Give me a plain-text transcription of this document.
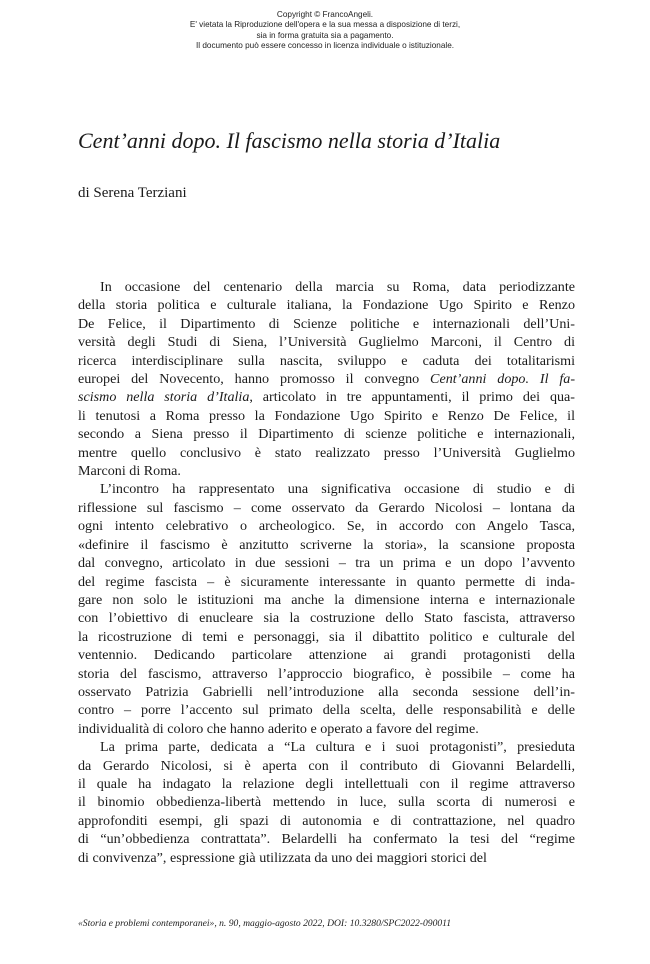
Copyright © FrancoAngeli.
E' vietata la Riproduzione dell'opera e la sua messa a disposizione di terzi,
sia in forma gratuita sia a pagamento.
Il documento può essere concesso in licenza individuale o istituzionale.
Cent’anni dopo. Il fascismo nella storia d’Italia
di Serena Terziani
In occasione del centenario della marcia su Roma, data periodizzante
della storia politica e culturale italiana, la Fondazione Ugo Spirito e Renzo
De Felice, il Dipartimento di Scienze politiche e internazionali dell’Uni-
versità degli Studi di Siena, l’Università Guglielmo Marconi, il Centro di
ricerca interdisciplinare sulla nascita, sviluppo e caduta dei totalitarismi
europei del Novecento, hanno promosso il convegno Cent’anni dopo. Il fa-
scismo nella storia d’Italia, articolato in tre appuntamenti, il primo dei qua-
li tenutosi a Roma presso la Fondazione Ugo Spirito e Renzo De Felice, il
secondo a Siena presso il Dipartimento di scienze politiche e internazionali,
mentre quello conclusivo è stato realizzato presso l’Università Guglielmo
Marconi di Roma.
L’incontro ha rappresentato una significativa occasione di studio e di
riflessione sul fascismo – come osservato da Gerardo Nicolosi – lontana da
ogni intento celebrativo o archeologico. Se, in accordo con Angelo Tasca,
«definire il fascismo è anzitutto scriverne la storia», la scansione proposta
dal convegno, articolato in due sessioni – tra un prima e un dopo l’avvento
del regime fascista – è sicuramente interessante in quanto permette di inda-
gare non solo le istituzioni ma anche la dimensione interna e internazionale
con l’obiettivo di enucleare sia la costruzione dello Stato fascista, attraverso
la ricostruzione di temi e personaggi, sia il dibattito politico e culturale del
ventennio. Dedicando particolare attenzione ai grandi protagonisti della
storia del fascismo, attraverso l’approccio biografico, è possibile – come ha
osservato Patrizia Gabrielli nell’introduzione alla seconda sessione dell’in-
contro – porre l’accento sul primato della scelta, delle responsabilità e delle
individualità di coloro che hanno aderito e operato a favore del regime.
La prima parte, dedicata a “La cultura e i suoi protagonisti”, presieduta
da Gerardo Nicolosi, si è aperta con il contributo di Giovanni Belardelli,
il quale ha indagato la relazione degli intellettuali con il regime attraverso
il binomio obbedienza-libertà mettendo in luce, sulla scorta di numerosi e
approfonditi esempi, gli spazi di autonomia e di contrattazione, nel quadro
di “un’obbedienza contrattata”. Belardelli ha confermato la tesi del “regime
di convivenza”, espressione già utilizzata da uno dei maggiori storici del
«Storia e problemi contemporanei», n. 90, maggio-agosto 2022, DOI: 10.3280/SPC2022-090011
